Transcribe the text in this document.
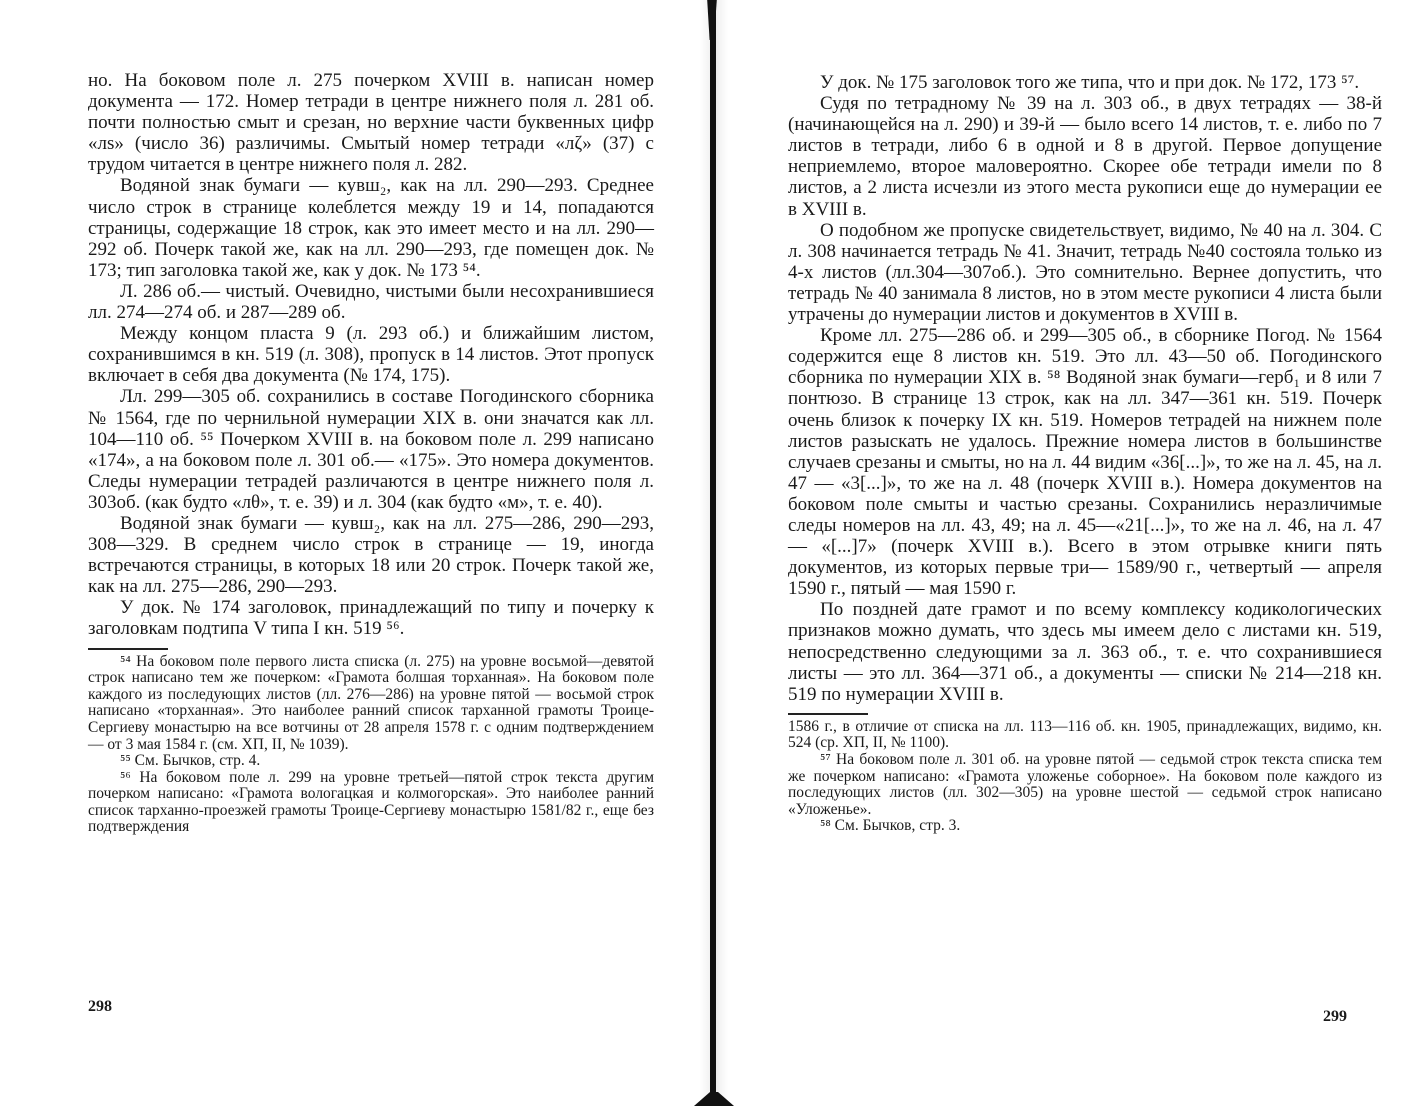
но. На боковом поле л. 275 почерком XVIII в. написан номер документа — 172. Номер тетради в центре нижнего поля л. 281 об. почти полностью смыт и срезан, но верхние части буквенных цифр «лѕ» (число 36) различимы. Смытый номер тетради «лζ» (37) с трудом читается в центре нижнего поля л. 282.

Водяной знак бумаги — кувш₂, как на лл. 290—293. Среднее число строк в странице колеблется между 19 и 14, попадаются страницы, содержащие 18 строк, как это имеет место и на лл. 290—292 об. Почерк такой же, как на лл. 290—293, где помещен док. № 173; тип заголовка такой же, как у док. № 173 ⁵⁴.

Л. 286 об.— чистый. Очевидно, чистыми были несохранившиеся лл. 274—274 об. и 287—289 об.

Между концом пласта 9 (л. 293 об.) и ближайшим листом, сохранившимся в кн. 519 (л. 308), пропуск в 14 листов. Этот пропуск включает в себя два документа (№ 174, 175).

Лл. 299—305 об. сохранились в составе Погодинского сборника № 1564, где по чернильной нумерации XIX в. они значатся как лл. 104—110 об. ⁵⁵ Почерком XVIII в. на боковом поле л. 299 написано «174», а на боковом поле л. 301 об.— «175». Это номера документов. Следы нумерации тетрадей различаются в центре нижнего поля л. 303об. (как будто «лθ», т. е. 39) и л. 304 (как будто «м», т. е. 40).

Водяной знак бумаги — кувш₂, как на лл. 275—286, 290—293, 308—329. В среднем число строк в странице — 19, иногда встречаются страницы, в которых 18 или 20 строк. Почерк такой же, как на лл. 275—286, 290—293.

У док. № 174 заголовок, принадлежащий по типу и почерку к заголовкам подтипа V типа I кн. 519 ⁵⁶.

⁵⁴ На боковом поле первого листа списка (л. 275) на уровне восьмой—девятой строк написано тем же почерком: «Грамота болшая торханная». На боковом поле каждого из последующих листов (лл. 276—286) на уровне пятой — восьмой строк написано «торханная». Это наиболее ранний список тарханной грамоты Троице-Сергиеву монастырю на все вотчины от 28 апреля 1578 г. с одним подтверждением — от 3 мая 1584 г. (см. ХП, II, № 1039).

⁵⁵ См. Бычков, стр. 4.

⁵⁶ На боковом поле л. 299 на уровне третьей—пятой строк текста другим почерком написано: «Грамота вологацкая и колмогорская». Это наиболее ранний список тарханно-проезжей грамоты Троице-Сергиеву монастырю 1581/82 г., еще без подтверждения

298

У док. № 175 заголовок того же типа, что и при док. № 172, 173 ⁵⁷.

Судя по тетрадному № 39 на л. 303 об., в двух тетрадях — 38-й (начинающейся на л. 290) и 39-й — было всего 14 листов, т. е. либо по 7 листов в тетради, либо 6 в одной и 8 в другой. Первое допущение неприемлемо, второе маловероятно. Скорее обе тетради имели по 8 листов, а 2 листа исчезли из этого места рукописи еще до нумерации ее в XVIII в.

О подобном же пропуске свидетельствует, видимо, № 40 на л. 304. С л. 308 начинается тетрадь № 41. Значит, тетрадь №40 состояла только из 4-х листов (лл.304—307об.). Это сомнительно. Вернее допустить, что тетрадь № 40 занимала 8 листов, но в этом месте рукописи 4 листа были утрачены до нумерации листов и документов в XVIII в.

Кроме лл. 275—286 об. и 299—305 об., в сборнике Погод. № 1564 содержится еще 8 листов кн. 519. Это лл. 43—50 об. Погодинского сборника по нумерации XIX в. ⁵⁸ Водяной знак бумаги—герб₁ и 8 или 7 понтюзо. В странице 13 строк, как на лл. 347—361 кн. 519. Почерк очень близок к почерку IX кн. 519. Номеров тетрадей на нижнем поле листов разыскать не удалось. Прежние номера листов в большинстве случаев срезаны и смыты, но на л. 44 видим «36[...]», то же на л. 45, на л. 47 — «3[...]», то же на л. 48 (почерк XVIII в.). Номера документов на боковом поле смыты и частью срезаны. Сохранились неразличимые следы номеров на лл. 43, 49; на л. 45—«21[...]», то же на л. 46, на л. 47 — «[...]7» (почерк XVIII в.). Всего в этом отрывке книги пять документов, из которых первые три— 1589/90 г., четвертый — апреля 1590 г., пятый — мая 1590 г.

По поздней дате грамот и по всему комплексу кодикологических признаков можно думать, что здесь мы имеем дело с листами кн. 519, непосредственно следующими за л. 363 об., т. е. что сохранившиеся листы — это лл. 364—371 об., а документы — списки № 214—218 кн. 519 по нумерации XVIII в.

1586 г., в отличие от списка на лл. 113—116 об. кн. 1905, принадлежащих, видимо, кн. 524 (ср. ХП, II, № 1100).

⁵⁷ На боковом поле л. 301 об. на уровне пятой — седьмой строк текста списка тем же почерком написано: «Грамота уложенье соборное». На боковом поле каждого из последующих листов (лл. 302—305) на уровне шестой — седьмой строк написано «Уложенье».

⁵⁸ См. Бычков, стр. 3.

299
